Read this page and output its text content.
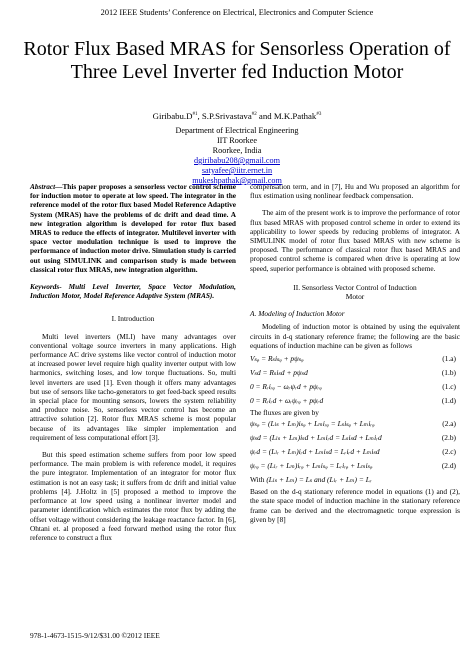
2012 IEEE Students’ Conference on Electrical, Electronics and Computer Science
Rotor Flux Based MRAS for Sensorless Operation of
Three Level Inverter fed Induction Motor
$Giribabu.D^{\#1}$, S.P.Srivastava$^{\#2}$ and M.K.Pathak$^{\#3}$
Department of Electrical Engineering
IIT Roorkee
Roorkee, India
dgiribabu208@gmail.com
satyafee@iitr.ernet.in
mukeshpathak@gmail.com

Abstract—This paper proposes a sensorless vector control scheme for induction motor to operate at low speed. The integrator in the reference model of the rotor flux based Model Reference Adaptive System (MRAS) have the problems of dc drift and dead time. A new integration algorithm is developed for rotor flux based MRAS to reduce the effects of integrator. Multilevel inverter with space vector modulation technique is used to improve the performance of induction motor drive. Simulation study is carried out using SIMULINK and comparison study is made between classical rotor flux MRAS, new integration algorithm.

Keywords- Multi Level Inverter, Space Vector Modulation, Induction Motor, Model Reference Adaptive System (MRAS).

I. Introduction

Multi level inverters (MLI) have many advantages over conventional voltage source inverters in many applications. High performance AC drive systems like vector control of induction motor at increased power level require high quality inverter output with low harmonics, switching loses, and low torque fluctuations. So, multi level inverters are used [1]. Even though it offers many advantages but use of sensors like tacho-generators to get feed-back speed results in special place for mounting sensors, lowers the system reliability and produce noise. So, sensorless vector control has become an attractive solution [2]. Rotor flux MRAS scheme is most popular because of its advantages like simpler implementation and requirement of less computational effort [3].

But this speed estimation scheme suffers from poor low speed performance. The main problem is with reference model, it requires the pure integrator. Implementation of an integrator for motor flux estimation is not an easy task; it suffers from dc drift and initial value problems [4]. J.Holtz in [5] proposed a method to improve the performance at low speed using a nonlinear inverter model and parameter identification which estimates the rotor flux by adding the offset voltage without considering the leakage reactance factor. In [6], Ohtani et. al proposed a feed forward method using the rotor flux reference to construct a flux

compensation term, and in [7], Hu and Wu proposed an algorithm for flux estimation using nonlinear feedback compensation.

The aim of the present work is to improve the performance of rotor flux based MRAS with proposed control scheme in order to extend its applicability to lower speeds by reducing problems of integrator. A SIMULINK model of rotor flux based MRAS with new scheme is proposed. The performance of classical rotor flux based MRAS and proposed control scheme is compared when drive is operating at low speed, superior performance is obtained with proposed scheme.

II. Sensorless Vector Control of Induction
Motor

A. Modeling of Induction Motor

Modeling of induction motor is obtained by using the equivalent circuits in d-q stationary reference frame; the following are the basic equations of induction machine can be given as follows

Vₛᵩ = Rₛiₛᵩ + pψₛᵩ	(1.a)
Vₛd = Rₛiₛd + pψₛd	(1.b)
0 = Rᵣiᵣᵩ − ωᵣψᵣd + pψᵣᵩ	(1.c)
0 = Rᵣiᵣd + ωᵣψᵣᵩ + pψᵣd	(1.d)

The fluxes are given by

ψₛᵩ = (Lₗₛ + Lₘ)iₛᵩ + Lₘiᵣᵩ = Lₛiₛᵩ + Lₘiᵣᵩ	(2.a)
ψₛd = (Lₗₛ + Lₘ)iₛd + Lₘiᵣd = Lₛiₛd + Lₘiᵣd	(2.b)
ψᵣd = (Lₗᵣ + Lₘ)iᵣd + Lₘiₛd = Lᵣiᵣd + Lₘiₛd	(2.c)
ψᵣᵩ = (Lₗᵣ + Lₘ)iᵣᵩ + Lₘiₛᵩ = Lᵣiᵣᵩ + Lₘiₛᵩ	(2.d)
With (Lₗₛ + Lₘ) = Lₛ and (Lₗᵣ + Lₘ) = Lᵣ

Based on the d-q stationary reference model in equations (1) and (2), the state space model of induction machine in the stationary reference frame can be derived and the electromagnetic torque expression is given by [8]

978-1-4673-1515-9/12/$31.00 ©2012 IEEE
